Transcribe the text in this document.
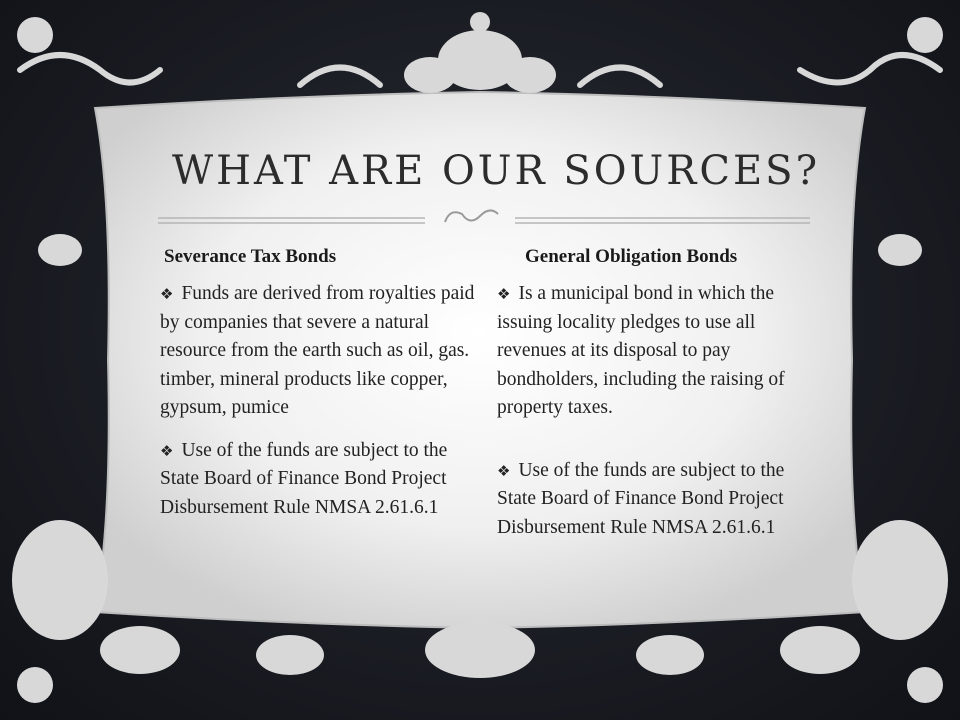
WHAT ARE OUR SOURCES?

Severance Tax Bonds

❖ Funds are derived from royalties paid by companies that severe a natural resource from the earth such as oil, gas. timber, mineral products like copper, gypsum, pumice

❖ Use of the funds are subject to the State Board of Finance Bond Project Disbursement Rule NMSA 2.61.6.1

General Obligation Bonds

❖ Is a municipal bond in which the issuing locality pledges to use all revenues at its disposal to pay bondholders, including the raising of property taxes.

❖ Use of the funds are subject to the State Board of Finance Bond Project Disbursement Rule NMSA 2.61.6.1
